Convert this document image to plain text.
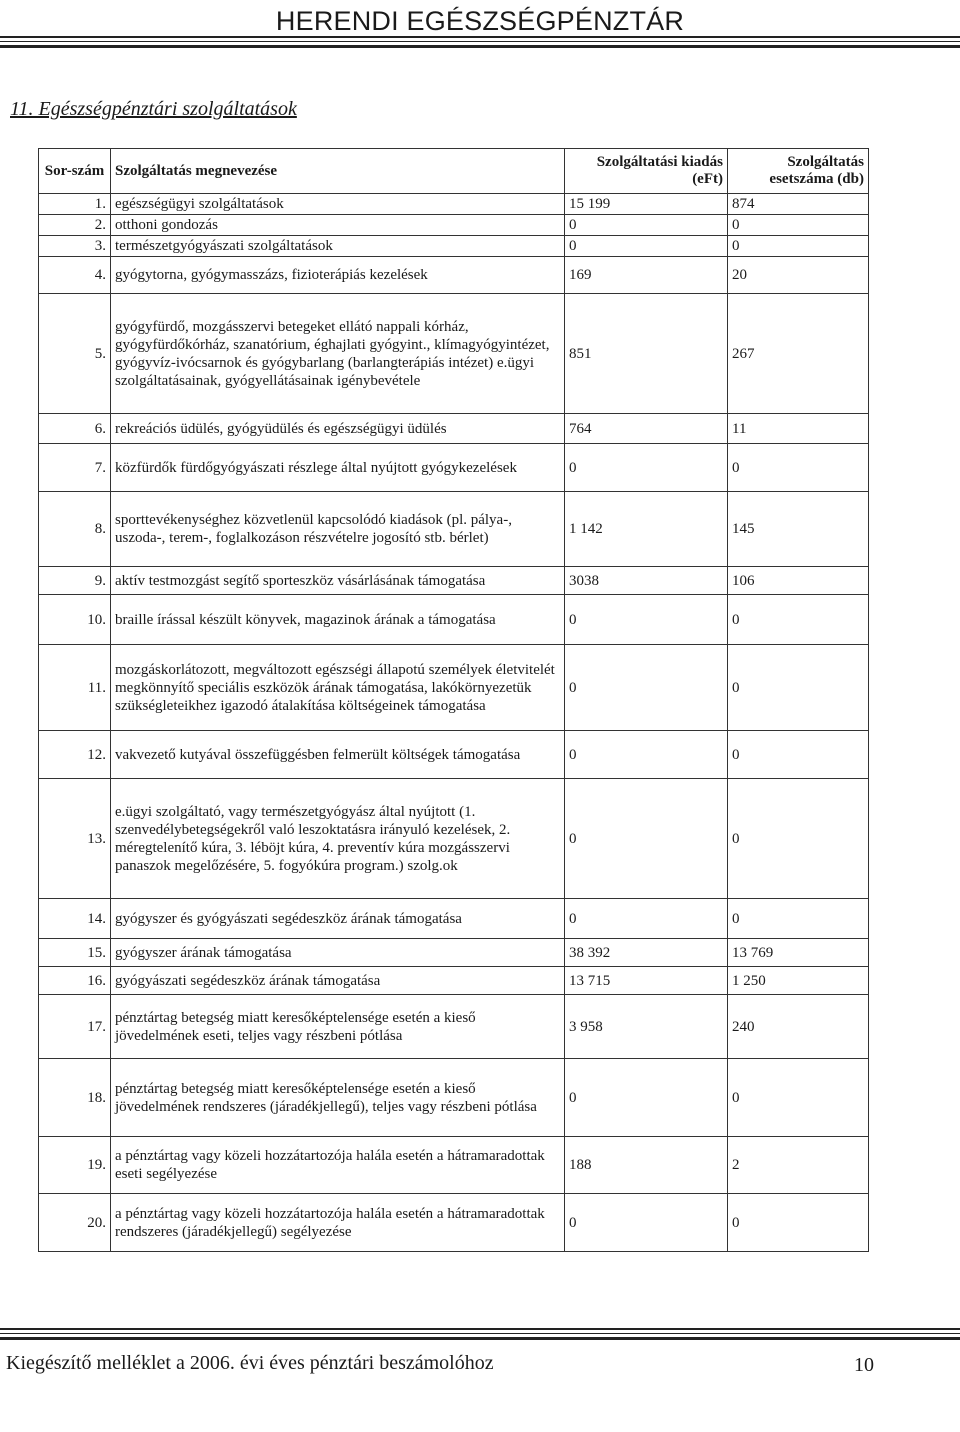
HERENDI EGÉSZSÉGPÉNZTÁR
11. Egészségpénztári szolgáltatások
Sor-szám	Szolgáltatás megnevezése	Szolgáltatási kiadás (eFt)	Szolgáltatás esetszáma (db)
1.	egészségügyi szolgáltatások	15 199	874
2.	otthoni gondozás	0	0
3.	természetgyógyászati szolgáltatások	0	0
4.	gyógytorna, gyógymasszázs, fizioterápiás kezelések	169	20
5.	gyógyfürdő, mozgásszervi betegeket ellátó nappali kórház, gyógyfürdőkórház, szanatórium, éghajlati gyógyint., klímagyógyintézet, gyógyvíz-ivócsarnok és gyógybarlang (barlangterápiás intézet) e.ügyi szolgáltatásainak, gyógyellátásainak igénybevétele	851	267
6.	rekreációs üdülés, gyógyüdülés és egészségügyi üdülés	764	11
7.	közfürdők fürdőgyógyászati részlege által nyújtott gyógykezelések	0	0
8.	sporttevékenységhez közvetlenül kapcsolódó kiadások (pl. pálya-, uszoda-, terem-, foglalkozáson részvételre jogosító stb. bérlet)	1 142	145
9.	aktív testmozgást segítő sporteszköz vásárlásának támogatása	3038	106
10.	braille írással készült könyvek, magazinok árának a támogatása	0	0
11.	mozgáskorlátozott, megváltozott egészségi állapotú személyek életvitelét megkönnyítő speciális eszközök árának támogatása, lakókörnyezetük szükségleteikhez igazodó átalakítása költségeinek támogatása	0	0
12.	vakvezető kutyával összefüggésben felmerült költségek támogatása	0	0
13.	e.ügyi szolgáltató, vagy természetgyógyász által nyújtott (1. szenvedélybetegségekről való leszoktatásra irányuló kezelések, 2. méregtelenítő kúra, 3. léböjt kúra, 4. preventív kúra mozgásszervi panaszok megelőzésére, 5. fogyókúra program.) szolg.ok	0	0
14.	gyógyszer és gyógyászati segédeszköz árának támogatása	0	0
15.	gyógyszer árának támogatása	38 392	13 769
16.	gyógyászati segédeszköz árának támogatása	13 715	1 250
17.	pénztártag betegség miatt keresőképtelensége esetén a kieső jövedelmének eseti, teljes vagy részbeni pótlása	3 958	240
18.	pénztártag betegség miatt keresőképtelensége esetén a kieső jövedelmének rendszeres (járadékjellegű), teljes vagy részbeni pótlása	0	0
19.	a pénztártag vagy közeli hozzátartozója halála esetén a hátramaradottak eseti segélyezése	188	2
20.	a pénztártag vagy közeli hozzátartozója halála esetén a hátramaradottak rendszeres (járadékjellegű) segélyezése	0	0
Kiegészítő melléklet a 2006. évi éves pénztári beszámolóhoz	10
